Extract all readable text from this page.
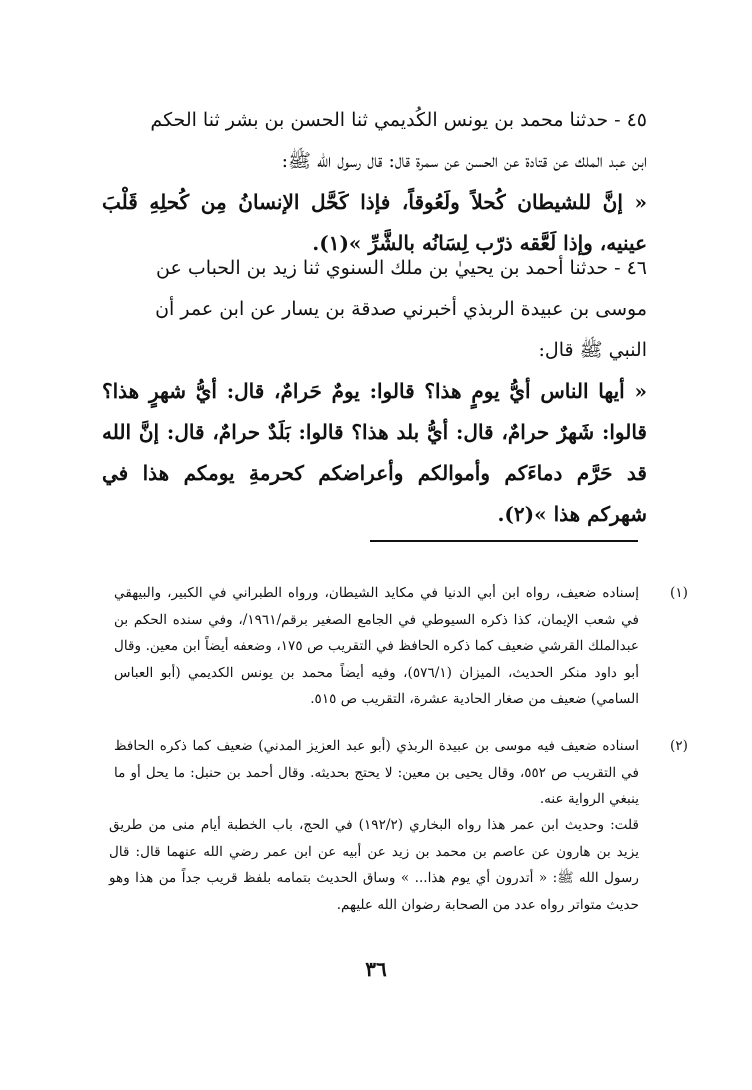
٤٥ - حدثنا محمد بن يونس الكُديمي ثنا الحسن بن بشر ثنا الحكم
ابن عبد الملك عن قتادة عن الحسن عن سمرة قال: قال رسول الله ﷺ:
« إنَّ للشيطان كُحلاً ولَعُوقاً، فإذا كَحَّل الإنسانُ مِن كُحلِهِ قَلْبَ عينيه، وإذا لَعَّقه ذرّب لِسَانُه بالشَّرِّ »(١).
٤٦ - حدثنا أحمد بن يحييٰ بن ملك السنوي ثنا زيد بن الحباب عن
موسى بن عبيدة الربذي أخبرني صدقة بن يسار عن ابن عمر أن
النبي ﷺ قال:
« أيها الناس أيُّ يومٍ هذا؟ قالوا: يومٌ حَرامٌ، قال: أيُّ شهرٍ هذا؟ قالوا: شَهرٌ حرامٌ، قال: أيُّ بلد هذا؟ قالوا: بَلَدٌ حرامٌ، قال: إنَّ الله قد حَرَّم دماءَكم وأموالكم وأعراضكم كحرمةِ يومكم هذا في شهركم هذا »(٢).
(١)
إسناده ضعيف، رواه ابن أبي الدنيا في مكايد الشيطان، ورواه الطبراني في الكبير، والبيهقي في شعب الإيمان، كذا ذكره السيوطي في الجامع الصغير برقم/١٩٦١/، وفي سنده الحكم بن عبدالملك القرشي ضعيف كما ذكره الحافظ في التقريب ص ١٧٥، وضعفه أيضاً ابن معين. وقال أبو داود منكر الحديث، الميزان (٥٧٦/١)، وفيه أيضاً محمد بن يونس الكديمي (أبو العباس السامي) ضعيف من صغار الحادية عشرة، التقريب ص ٥١٥.
(٢)
اسناده ضعيف فيه موسى بن عبيدة الربذي (أبو عبد العزيز المدني) ضعيف كما ذكره الحافظ في التقريب ص ٥٥٢، وقال يحيى بن معين: لا يحتج بحديثه. وقال أحمد بن حنبل: ما يحل أو ما ينبغي الرواية عنه.
قلت: وحديث ابن عمر هذا رواه البخاري (١٩٢/٢) في الحج، باب الخطبة أيام منى من طريق يزيد بن هارون عن عاصم بن محمد بن زيد عن أبيه عن ابن عمر رضي الله عنهما قال: قال رسول الله ﷺ: « أتدرون أي يوم هذا... » وساق الحديث بتمامه بلفظ قريب جداً من هذا وهو حديث متواتر رواه عدد من الصحابة رضوان الله عليهم.
٣٦
